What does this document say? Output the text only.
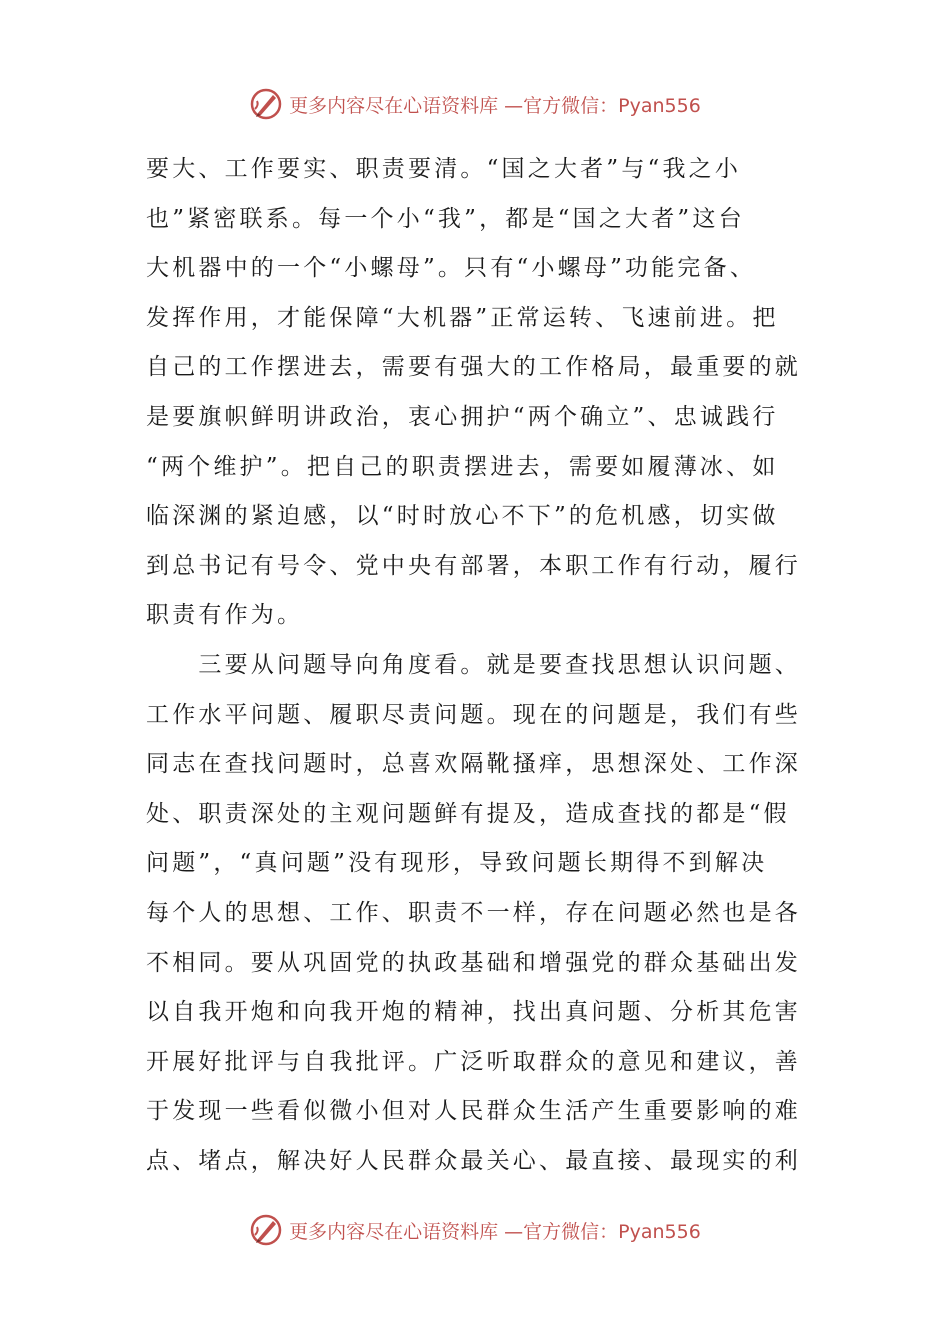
更多内容尽在心语资料库 —官方微信：Pyan556
要大、工作要实、职责要清。“国之大者”与“我之小
也”紧密联系。每一个小“我”，都是“国之大者”这台
大机器中的一个“小螺母”。只有“小螺母”功能完备、
发挥作用，才能保障“大机器”正常运转、飞速前进。把
自己的工作摆进去，需要有强大的工作格局，最重要的就
是要旗帜鲜明讲政治，衷心拥护“两个确立”、忠诚践行
“两个维护”。把自己的职责摆进去，需要如履薄冰、如
临深渊的紧迫感，以“时时放心不下”的危机感，切实做
到总书记有号令、党中央有部署，本职工作有行动，履行
职责有作为。
　　三要从问题导向角度看。就是要查找思想认识问题、
工作水平问题、履职尽责问题。现在的问题是，我们有些
同志在查找问题时，总喜欢隔靴搔痒，思想深处、工作深
处、职责深处的主观问题鲜有提及，造成查找的都是“假
问题”，“真问题”没有现形，导致问题长期得不到解决
每个人的思想、工作、职责不一样，存在问题必然也是各
不相同。要从巩固党的执政基础和增强党的群众基础出发
以自我开炮和向我开炮的精神，找出真问题、分析其危害
开展好批评与自我批评。广泛听取群众的意见和建议，善
于发现一些看似微小但对人民群众生活产生重要影响的难
点、堵点，解决好人民群众最关心、最直接、最现实的利
更多内容尽在心语资料库 —官方微信：Pyan556
